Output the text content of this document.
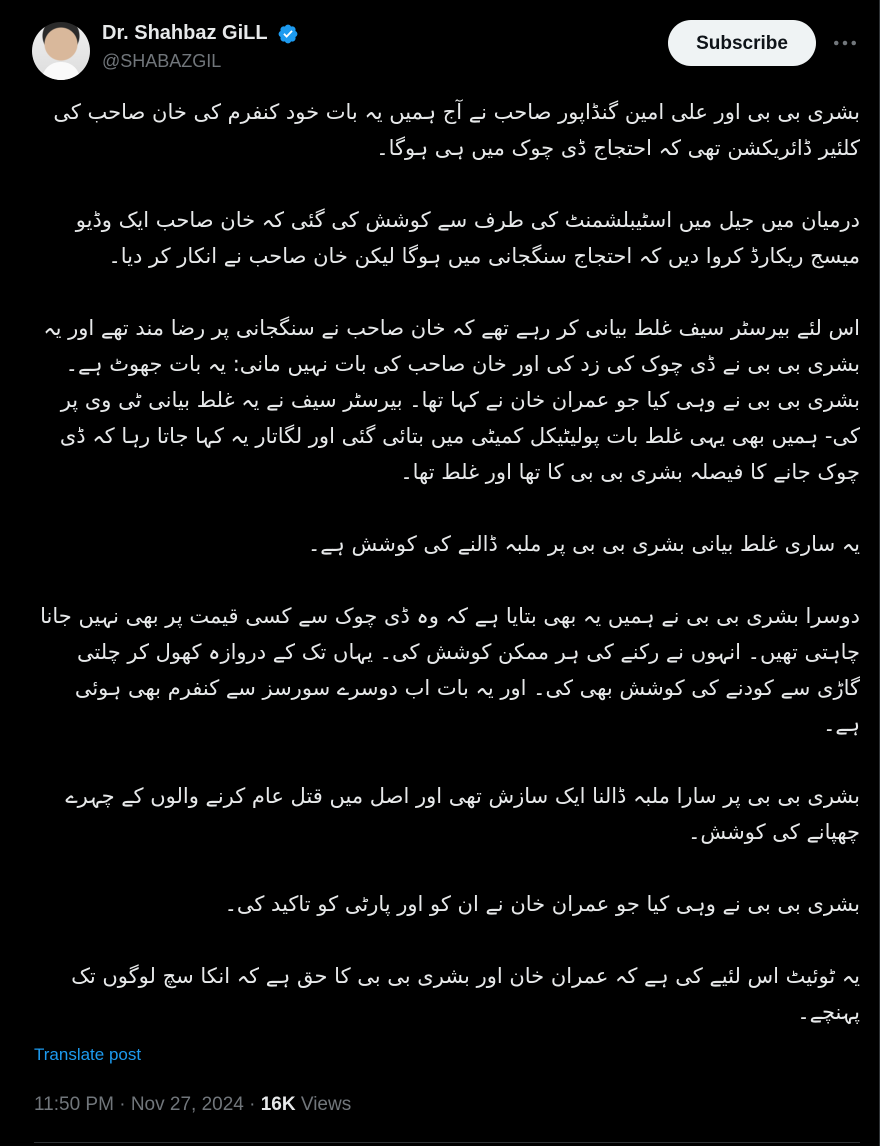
Dr. Shahbaz GiLL
@SHABAZGIL
Subscribe

بشری بی بی اور علی امین گنڈاپور صاحب نے آج ہمیں یہ بات خود کنفرم کی خان صاحب کی کلئیر ڈائریکشن تھی کہ احتجاج ڈی چوک میں ہی ہوگا۔

درمیان میں جیل میں اسٹیبلشمنٹ کی طرف سے کوشش کی گئی کہ خان صاحب ایک وڈیو میسج ریکارڈ کروا دیں کہ احتجاج سنگجانی میں ہوگا لیکن خان صاحب نے انکار کر دیا۔

اس لئے بیرسٹر سیف غلط بیانی کر رہے تھے کہ خان صاحب نے سنگجانی پر رضا مند تھے اور یہ بشری بی بی نے ڈی چوک کی زد کی اور خان صاحب کی بات نہیں مانی: یہ بات جھوٹ ہے۔ بشری بی بی نے وہی کیا جو عمران خان نے کہا تھا۔ بیرسٹر سیف نے یہ غلط بیانی ٹی وی پر کی- ہمیں بھی یہی غلط بات پولیٹیکل کمیٹی میں بتائی گئی اور لگاتار یہ کہا جاتا رہا کہ ڈی چوک جانے کا فیصلہ بشری بی بی کا تھا اور غلط تھا۔

یہ ساری غلط بیانی بشری بی بی پر ملبہ ڈالنے کی کوشش ہے۔

دوسرا بشری بی بی نے ہمیں یہ بھی بتایا ہے کہ وہ ڈی چوک سے کسی قیمت پر بھی نہیں جانا چاہتی تھیں۔ انہوں نے رکنے کی ہر ممکن کوشش کی۔ یہاں تک کے دروازہ کھول کر چلتی گاڑی سے کودنے کی کوشش بھی کی۔ اور یہ بات اب دوسرے سورسز سے کنفرم بھی ہوئی ہے۔

بشری بی بی پر سارا ملبہ ڈالنا ایک سازش تھی اور اصل میں قتل عام کرنے والوں کے چہرے چھپانے کی کوشش۔

بشری بی بی نے وہی کیا جو عمران خان نے ان کو اور پارٹی کو تاکید کی۔

یہ ٹوئیٹ اس لئیے کی ہے کہ عمران خان اور بشری بی بی کا حق ہے کہ انکا سچ لوگوں تک پہنچے۔

Translate post
11:50 PM · Nov 27, 2024 · 16K Views
